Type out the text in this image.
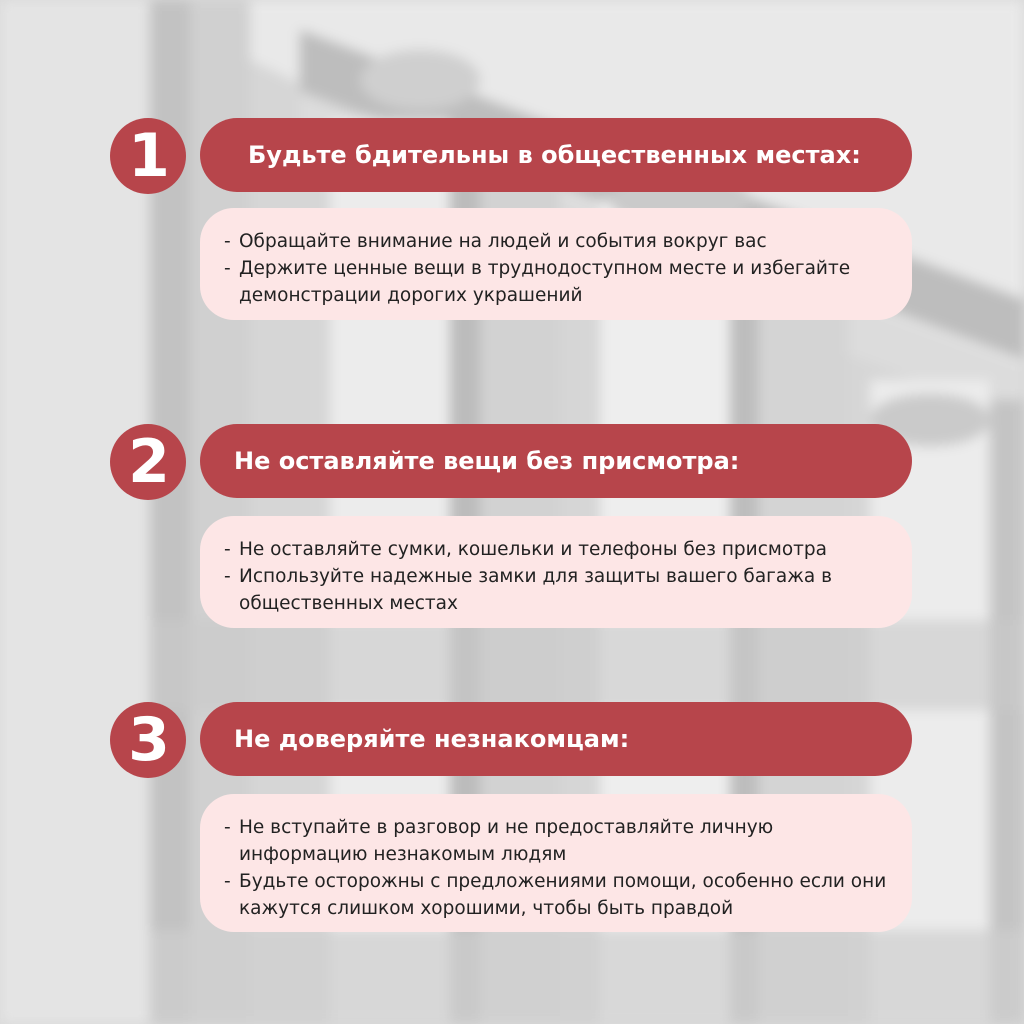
1	Будьте бдительны в общественных местах:
- Обращайте внимание на людей и события вокруг вас
- Держите ценные вещи в труднодоступном месте и избегайте демонстрации дорогих украшений
2	Не оставляйте вещи без присмотра:
- Не оставляйте сумки, кошельки и телефоны без присмотра
- Используйте надежные замки для защиты вашего багажа в общественных местах
3	Не доверяйте незнакомцам:
- Не вступайте в разговор и не предоставляйте личную информацию незнакомым людям
- Будьте осторожны с предложениями помощи, особенно если они кажутся слишком хорошими, чтобы быть правдой
